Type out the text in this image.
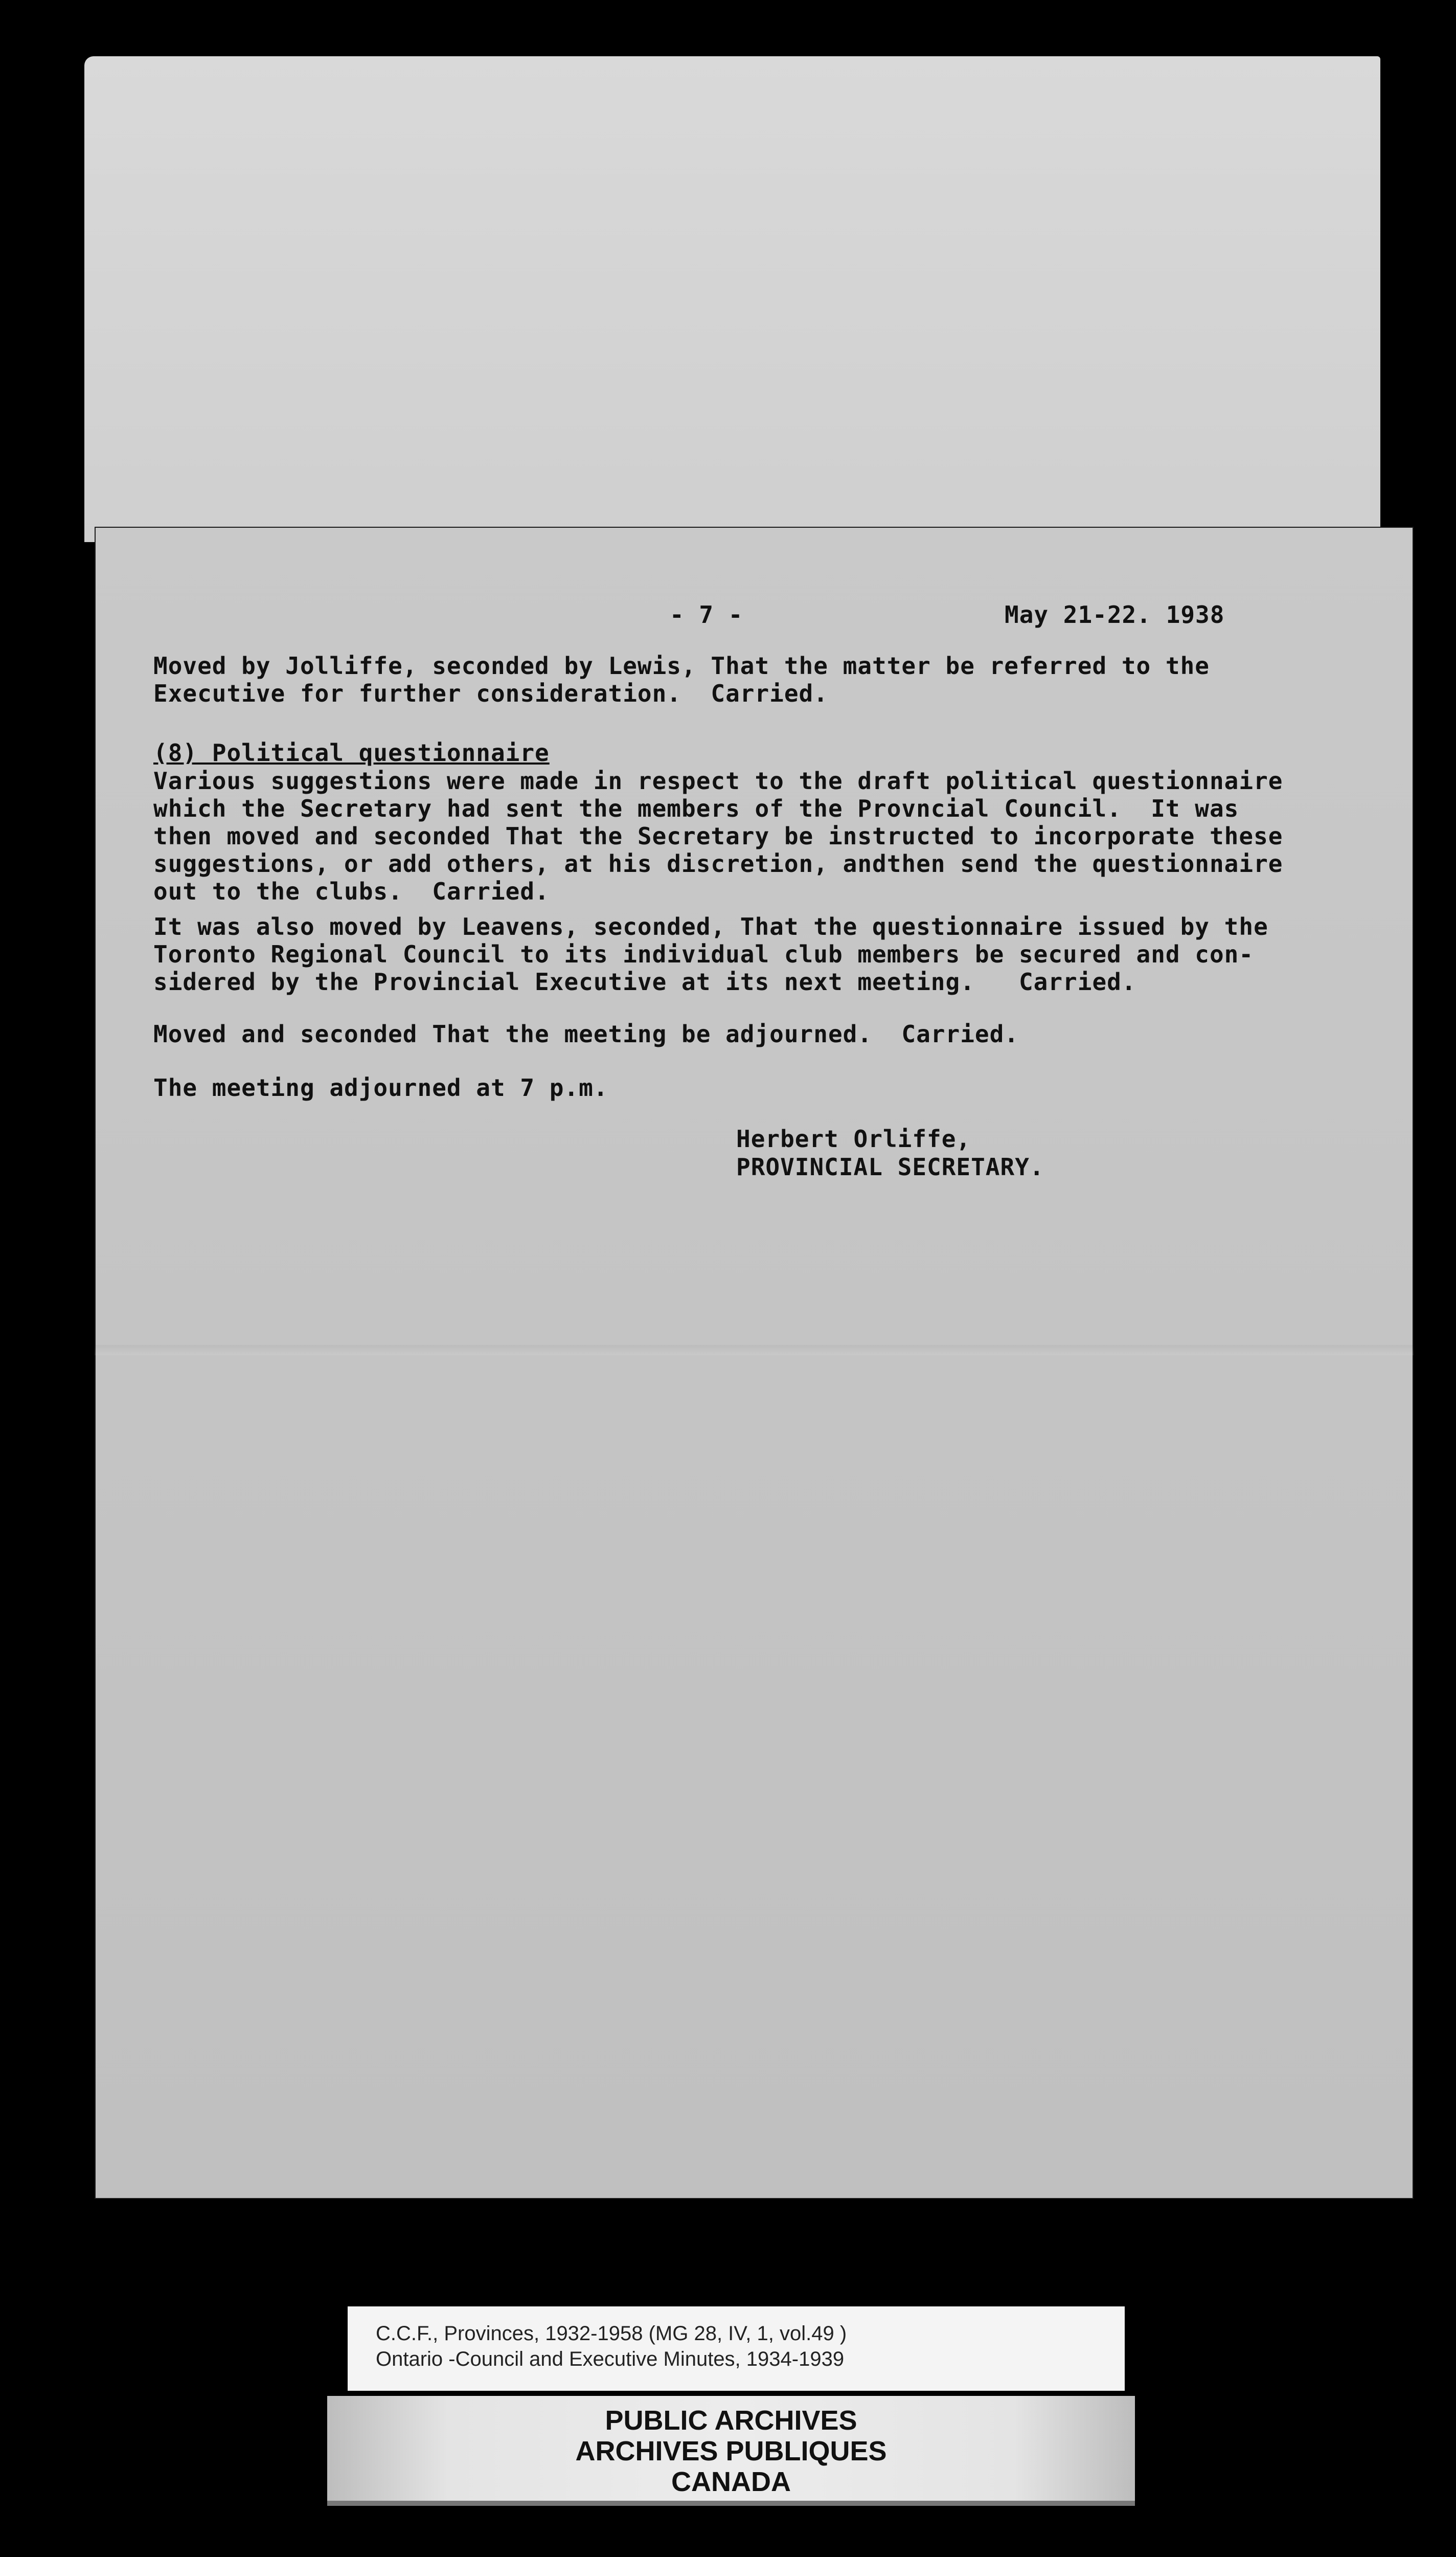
- 7 -	May 21-22. 1938
Moved by Jolliffe, seconded by Lewis, That the matter be referred to the
Executive for further consideration.  Carried.
(8) Political questionnaire
Various suggestions were made in respect to the draft political questionnaire
which the Secretary had sent the members of the Provncial Council.  It was
then moved and seconded That the Secretary be instructed to incorporate these
suggestions, or add others, at his discretion, andthen send the questionnaire
out to the clubs.  Carried.
It was also moved by Leavens, seconded, That the questionnaire issued by the
Toronto Regional Council to its individual club members be secured and con-
sidered by the Provincial Executive at its next meeting.   Carried.
Moved and seconded That the meeting be adjourned.  Carried.
The meeting adjourned at 7 p.m.
Herbert Orliffe,
PROVINCIAL SECRETARY.
C.C.F., Provinces, 1932-1958 (MG 28, IV, 1, vol.49 )
Ontario -Council and Executive Minutes, 1934-1939
PUBLIC ARCHIVES
ARCHIVES PUBLIQUES
CANADA
